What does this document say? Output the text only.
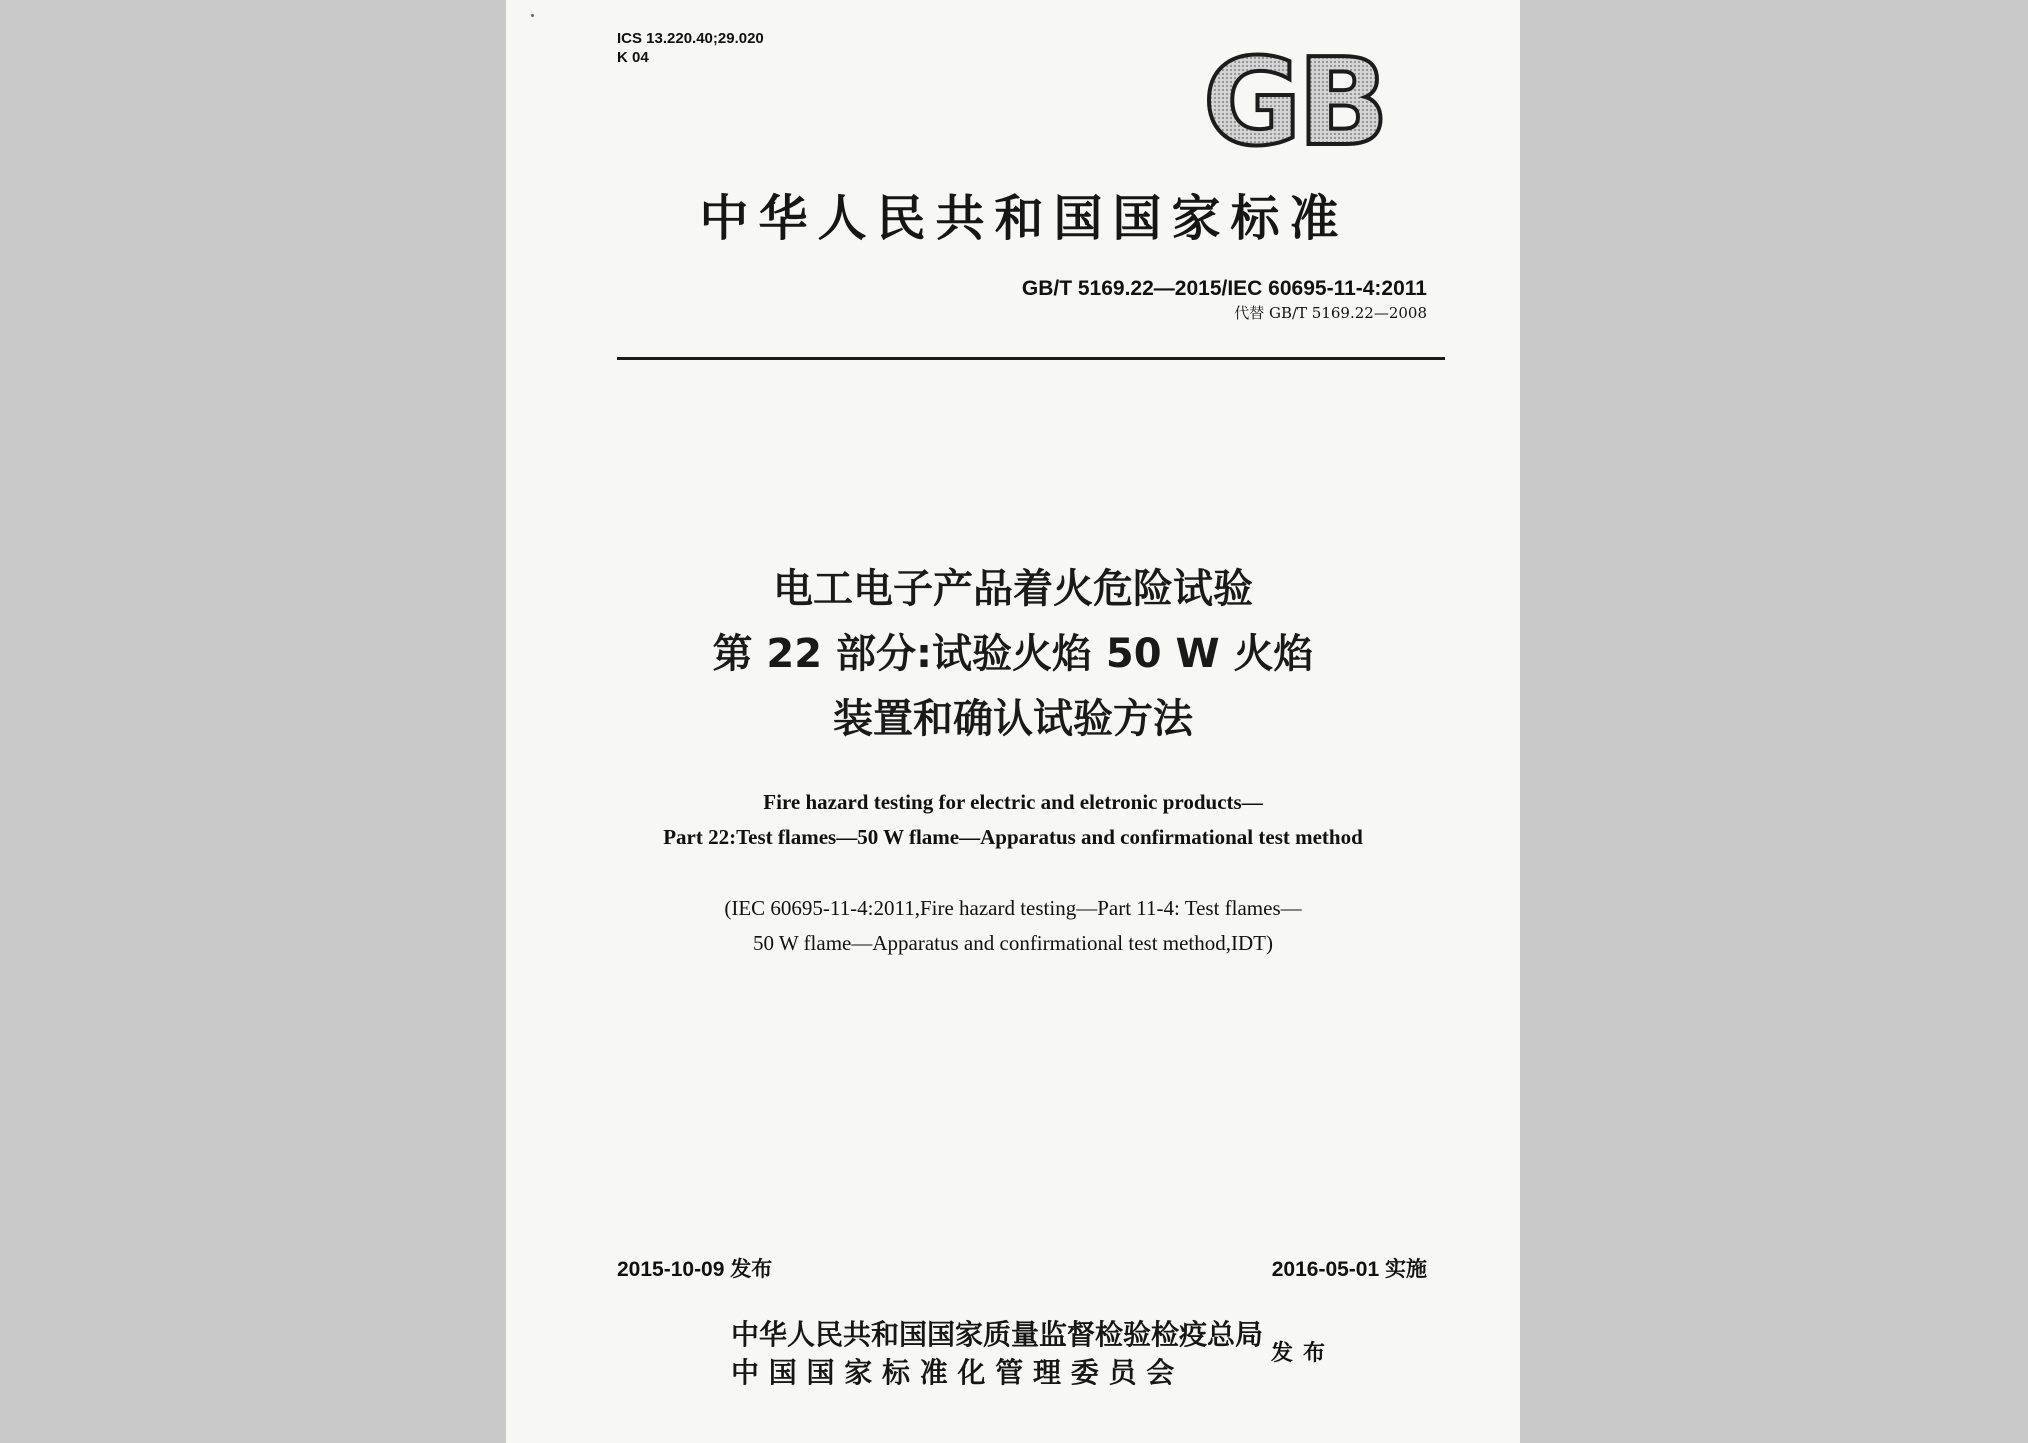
ICS 13.220.40;29.020
K 04	GB
中华人民共和国国家标准
GB/T 5169.22—2015/IEC 60695-11-4:2011
代替 GB/T 5169.22—2008
电工电子产品着火危险试验
第 22 部分:试验火焰 50 W 火焰
装置和确认试验方法
Fire hazard testing for electric and eletronic products—
Part 22:Test flames—50 W flame—Apparatus and confirmational test method
(IEC 60695-11-4:2011,Fire hazard testing—Part 11-4: Test flames—
50 W flame—Apparatus and confirmational test method,IDT)
2015-10-09 发布	2016-05-01 实施
中华人民共和国国家质量监督检验检疫总局
中 国 国 家 标 准 化 管 理 委 员 会
发布
